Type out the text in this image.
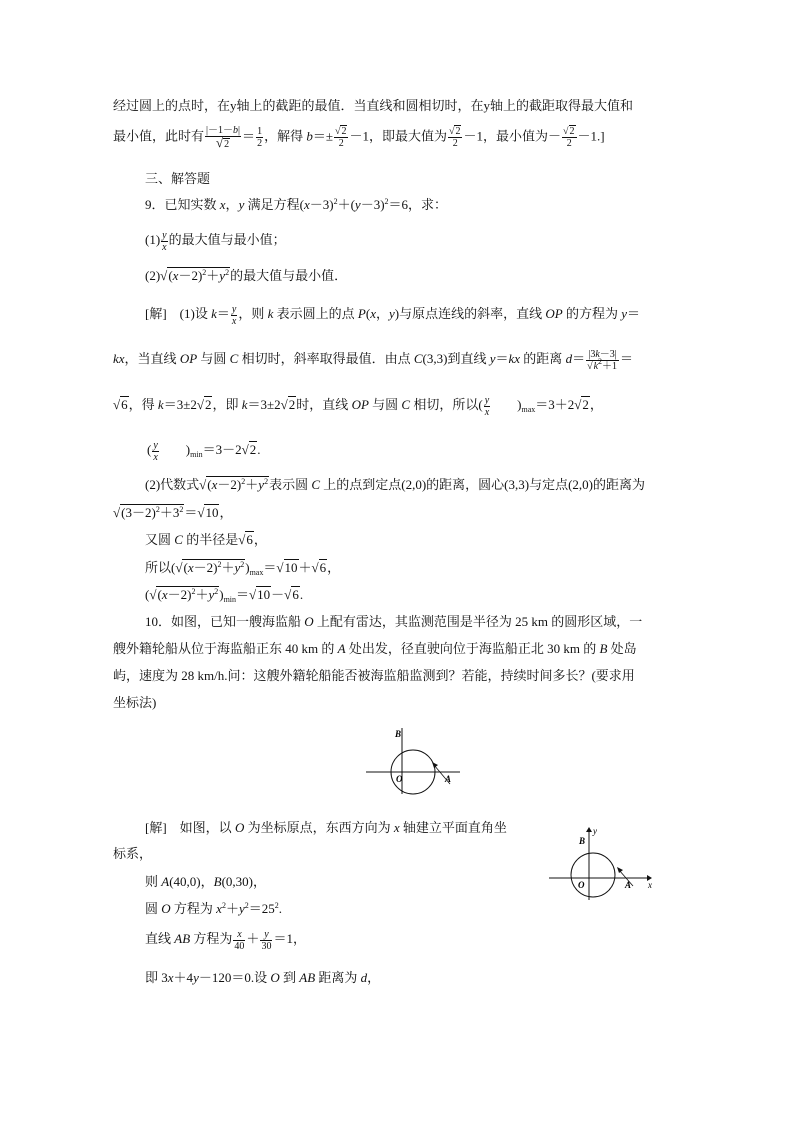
经过圆上的点时，在y轴上的截距的最值．当直线和圆相切时，在y轴上的截距取得最大值和
最小值，此时有 $\frac{|-1-b|}{√2} = \frac{1}{2}$ ，解得 $b=\pm \frac{√2}{2} -1$，即最大值为 $\frac{√2}{2} -1$，最小值为－ $\frac{√2}{2} -1$.]
三、解答题
9．已知实数 x，y 满足方程$(x-3)^2+(y-3)^2=6$，求：
$(1) \frac{y}{x}$ 的最大值与最小值；
$(2)√(x-2)^2+y^2$的最大值与最小值．
[解]　(1)设 $k= \frac{y}{x}$ ，则 k 表示圆上的点 P(x，y)与原点连线的斜率，直线 OP 的方程为 y＝
kx，当直线 OP 与圆 C 相切时，斜率取得最值．由点 C(3,3)到直线 y＝kx 的距离 $d= \frac{|3k-3|}{√k^2+1}$ ＝
√6，得 k＝3±2√2，即 k＝3±2√2时，直线 OP 与圆 C 相切，所以( $\frac{y}{x}$ 　　)$_{max}=3+2√2$，
( $\frac{y}{x}$ 　　)$_{min}=3-2√2$.
(2)代数式$√(x-2)^2+y^2$表示圆 C 上的点到定点(2,0)的距离，圆心(3,3)与定点(2,0)的距离为
$√(3-2)^2+3^2=√10$，
又圆 C 的半径是√6，
所以$(√(x-2)^2+y^2)_{max}=√10+√6$，
$(√(x-2)^2+y^2)_{min}=√10-√6$.
10．如图，已知一艘海监船 O 上配有雷达，其监测范围是半径为 25 km 的圆形区域，一
艘外籍轮船从位于海监船正东 40 km 的 A 处出发，径直驶向位于海监船正北 30 km 的 B 处岛
屿，速度为 28 km/h.问：这艘外籍轮船能否被海监船监测到？若能，持续时间多长？(要求用
坐标法)
B
O	A
[解]　如图，以 O 为坐标原点，东西方向为 x 轴建立平面直角坐
标系，
则 A(40,0)，B(0,30)，
圆 O 方程为 $x^2+y^2=25^2$.
直线 AB 方程为 $\frac{x}{40} + \frac{y}{30} =1$，
即 3x＋4y－120＝0.设 O 到 AB 距离为 d，
B
y
O	A x
